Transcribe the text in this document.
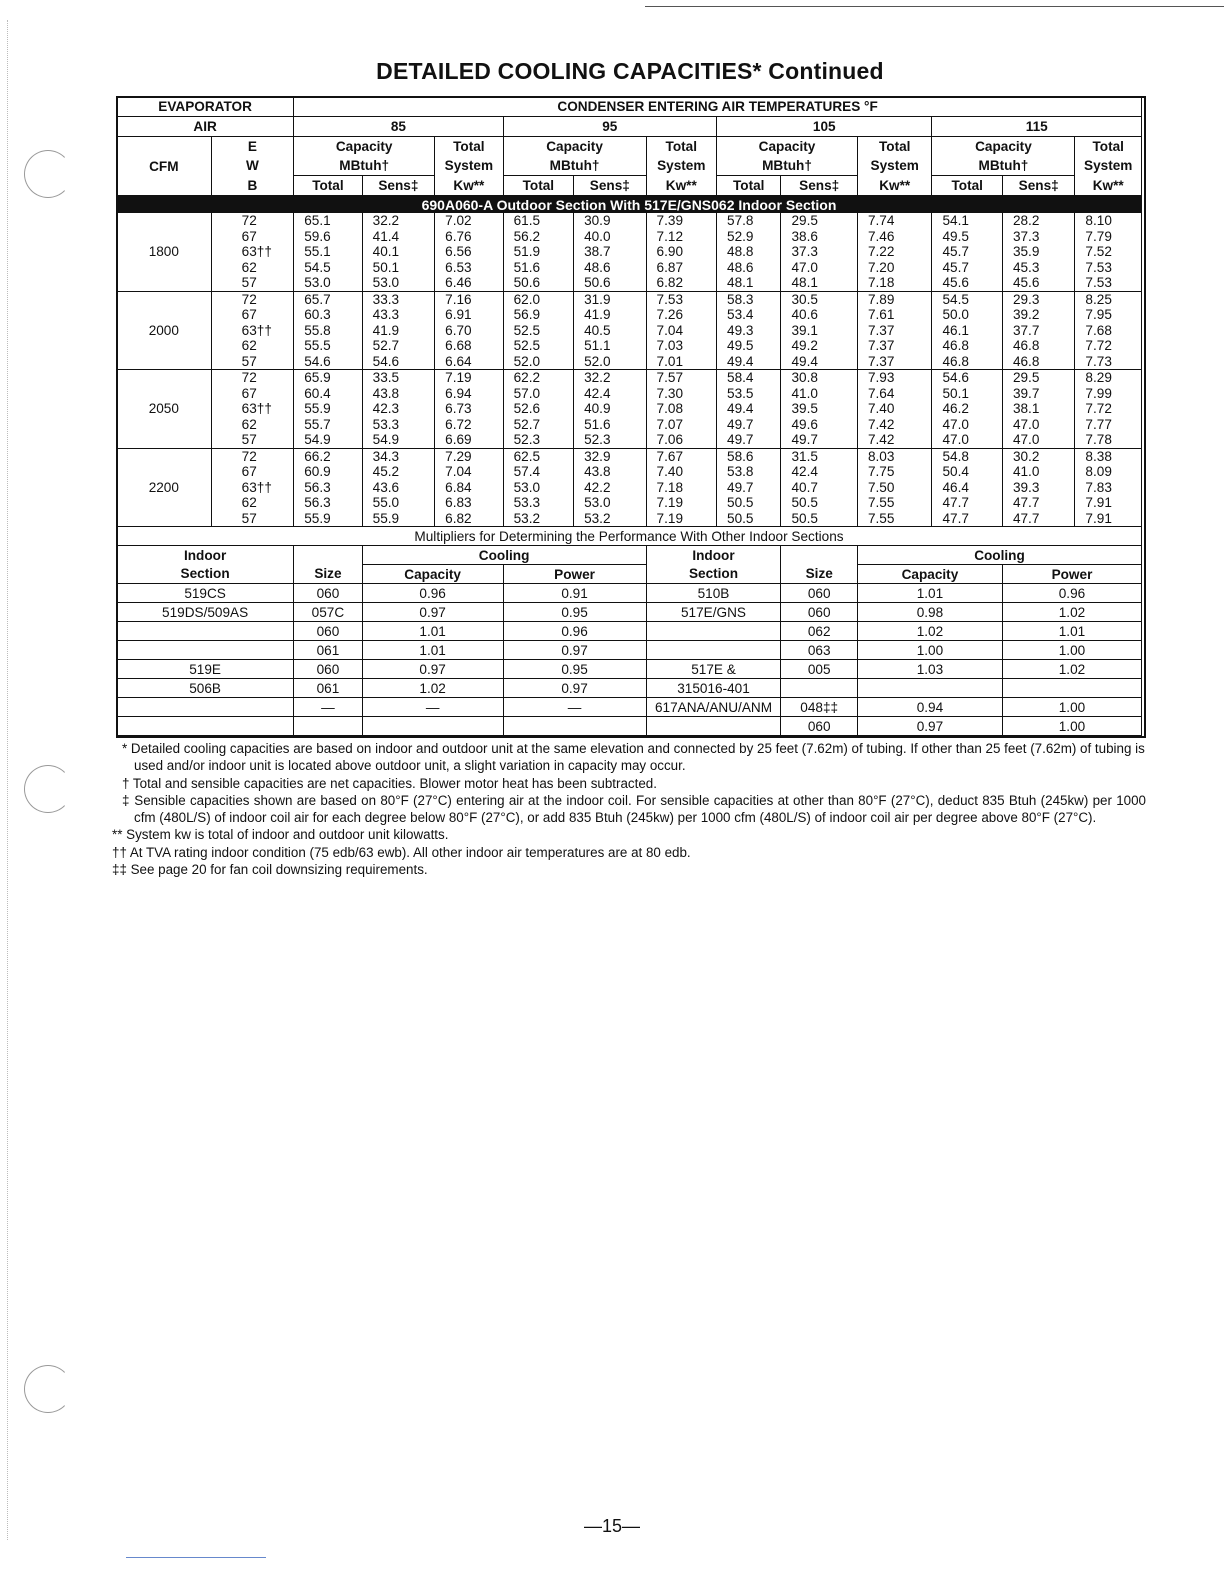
DETAILED COOLING CAPACITIES* Continued
EVAPORATOR		CONDENSER ENTERING AIR TEMPERATURES °F											
AIR		85			95			105			115		
CFM	E	Capacity		Total	Capacity		Total	Capacity		Total	Capacity		Total
	W	MBtuh†		System	MBtuh†		System	MBtuh†		System	MBtuh†		System
	B	Total	Sens‡	Kw**	Total	Sens‡	Kw**	Total	Sens‡	Kw**	Total	Sens‡	Kw**
690A060-A Outdoor Section With 517E/GNS062 Indoor Section													
1800	72	65.1	32.2	7.02	61.5	30.9	7.39	57.8	29.5	7.74	54.1	28.2	8.10
	67	59.6	41.4	6.76	56.2	40.0	7.12	52.9	38.6	7.46	49.5	37.3	7.79
	63††	55.1	40.1	6.56	51.9	38.7	6.90	48.8	37.3	7.22	45.7	35.9	7.52
	62	54.5	50.1	6.53	51.6	48.6	6.87	48.6	47.0	7.20	45.7	45.3	7.53
	57	53.0	53.0	6.46	50.6	50.6	6.82	48.1	48.1	7.18	45.6	45.6	7.53
2000	72	65.7	33.3	7.16	62.0	31.9	7.53	58.3	30.5	7.89	54.5	29.3	8.25
	67	60.3	43.3	6.91	56.9	41.9	7.26	53.4	40.6	7.61	50.0	39.2	7.95
	63††	55.8	41.9	6.70	52.5	40.5	7.04	49.3	39.1	7.37	46.1	37.7	7.68
	62	55.5	52.7	6.68	52.5	51.1	7.03	49.5	49.2	7.37	46.8	46.8	7.72
	57	54.6	54.6	6.64	52.0	52.0	7.01	49.4	49.4	7.37	46.8	46.8	7.73
2050	72	65.9	33.5	7.19	62.2	32.2	7.57	58.4	30.8	7.93	54.6	29.5	8.29
	67	60.4	43.8	6.94	57.0	42.4	7.30	53.5	41.0	7.64	50.1	39.7	7.99
	63††	55.9	42.3	6.73	52.6	40.9	7.08	49.4	39.5	7.40	46.2	38.1	7.72
	62	55.7	53.3	6.72	52.7	51.6	7.07	49.7	49.6	7.42	47.0	47.0	7.77
	57	54.9	54.9	6.69	52.3	52.3	7.06	49.7	49.7	7.42	47.0	47.0	7.78
2200	72	66.2	34.3	7.29	62.5	32.9	7.67	58.6	31.5	8.03	54.8	30.2	8.38
	67	60.9	45.2	7.04	57.4	43.8	7.40	53.8	42.4	7.75	50.4	41.0	8.09
	63††	56.3	43.6	6.84	53.0	42.2	7.18	49.7	40.7	7.50	46.4	39.3	7.83
	62	56.3	55.0	6.83	53.3	53.0	7.19	50.5	50.5	7.55	47.7	47.7	7.91
	57	55.9	55.9	6.82	53.2	53.2	7.19	50.5	50.5	7.55	47.7	47.7	7.91
Multipliers for Determining the Performance With Other Indoor Sections													
Indoor			Cooling				Indoor			Cooling			
Section		Size	Capacity		Power		Section		Size	Capacity		Power	
519CS		060	0.96		0.91		510B		060	1.01		0.96	
519DS/509AS		057C	0.97		0.95		517E/GNS		060	0.98		1.02	
		060	1.01		0.96				062	1.02		1.01	
		061	1.01		0.97				063	1.00		1.00	
519E		060	0.97		0.95		517E &		005	1.03		1.02	
506B		061	1.02		0.97		315016-401						
		—	—		—		617ANA/ANU/ANM		048‡‡	0.94		1.00	
									060	0.97		1.00	

* Detailed cooling capacities are based on indoor and outdoor unit at the same elevation and connected by 25 feet (7.62m) of tubing. If other than 25 feet (7.62m) of tubing is used and/or indoor unit is located above outdoor unit, a slight variation in capacity may occur.

† Total and sensible capacities are net capacities. Blower motor heat has been subtracted.

‡ Sensible capacities shown are based on 80°F (27°C) entering air at the indoor coil. For sensible capacities at other than 80°F (27°C), deduct 835 Btuh (245kw) per 1000 cfm (480L/S) of indoor coil air for each degree below 80°F (27°C), or add 835 Btuh (245kw) per 1000 cfm (480L/S) of indoor coil air per degree above 80°F (27°C).

** System kw is total of indoor and outdoor unit kilowatts.

†† At TVA rating indoor condition (75 edb/63 ewb). All other indoor air temperatures are at 80 edb.

‡‡ See page 20 for fan coil downsizing requirements.

—15—
